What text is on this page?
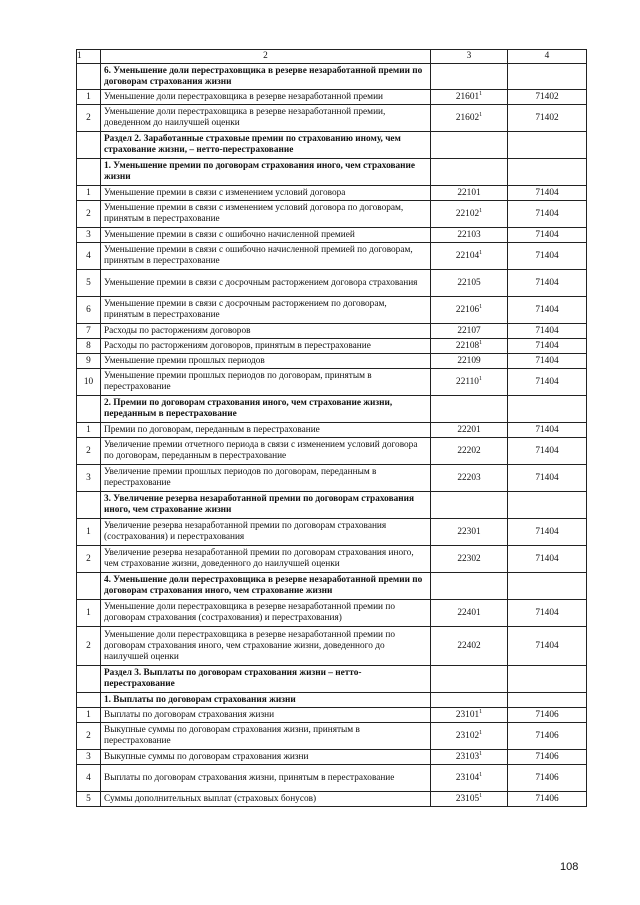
1	2	3	4
	6. Уменьшение доли перестраховщика в резерве незаработанной премии по договорам страхования жизни		
1	Уменьшение доли перестраховщика в резерве незаработанной премии	21601$^1$	71402
2	Уменьшение доли перестраховщика в резерве незаработанной премии, доведенном до наилучшей оценки	21602$^1$	71402
	Раздел 2. Заработанные страховые премии по страхованию иному, чем страхование жизни, – нетто-перестрахование		
	1. Уменьшение премии по договорам страхования иного, чем страхование жизни		
1	Уменьшение премии в связи с изменением условий договора	22101	71404
2	Уменьшение премии в связи с изменением условий договора по договорам, принятым в перестрахование	22102$^1$	71404
3	Уменьшение премии в связи с ошибочно начисленной премией	22103	71404
4	Уменьшение премии в связи с ошибочно начисленной премией по договорам, принятым в перестрахование	22104$^1$	71404
5	Уменьшение премии в связи с досрочным расторжением договора страхования	22105	71404
6	Уменьшение премии в связи с досрочным расторжением по договорам, принятым в перестрахование	22106$^1$	71404
7	Расходы по расторжениям договоров	22107	71404
8	Расходы по расторжениям договоров, принятым в перестрахование	22108$^1$	71404
9	Уменьшение премии прошлых периодов	22109	71404
10	Уменьшение премии прошлых периодов по договорам, принятым в перестрахование	22110$^1$	71404
	2. Премии по договорам страхования иного, чем страхование жизни, переданным в перестрахование		
1	Премии по договорам, переданным в перестрахование	22201	71404
2	Увеличение премии отчетного периода в связи с изменением условий договора по договорам, переданным в перестрахование	22202	71404
3	Увеличение премии прошлых периодов по договорам, переданным в перестрахование	22203	71404
	3. Увеличение резерва незаработанной премии по договорам страхования иного, чем страхование жизни		
1	Увеличение резерва незаработанной премии по договорам страхования (сострахования) и перестрахования	22301	71404
2	Увеличение резерва незаработанной премии по договорам страхования иного, чем страхование жизни, доведенного до наилучшей оценки	22302	71404
	4. Уменьшение доли перестраховщика в резерве незаработанной премии по договорам страхования иного, чем страхование жизни		
1	Уменьшение доли перестраховщика в резерве незаработанной премии по договорам страхования (сострахования) и перестрахования)	22401	71404
2	Уменьшение доли перестраховщика в резерве незаработанной премии по договорам страхования иного, чем страхование жизни, доведенного до наилучшей оценки	22402	71404
	Раздел 3. Выплаты по договорам страхования жизни – нетто-перестрахование		
	1. Выплаты по договорам страхования жизни		
1	Выплаты по договорам страхования жизни	23101$^1$	71406
2	Выкупные суммы по договорам страхования жизни, принятым в перестрахование	23102$^1$	71406
3	Выкупные суммы по договорам страхования жизни	23103$^1$	71406
4	Выплаты по договорам страхования жизни, принятым в перестрахование	23104$^1$	71406
5	Суммы дополнительных выплат (страховых бонусов)	23105$^1$	71406
108
